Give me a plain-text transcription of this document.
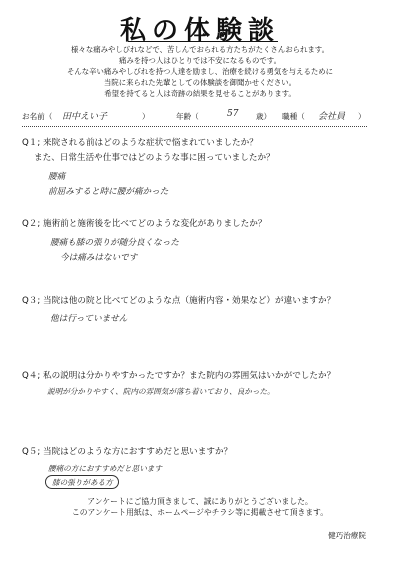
私の体験談
様々な痛みやしびれなどで、苦しんでおられる方たちがたくさんおられます。
痛みを持つ人はひとりでは不安になるものです。
そんな辛い痛みやしびれを持つ人達を励まし、治療を続ける勇気を与えるために
当院に来られた先輩としての体験談を御聞かせください。
希望を持てると人は奇跡の結果を見せることがあります。
お名前（ 田中えい子	）	年齢（	57 歳） 職種（ 会社員 ）
Q１; 来院される前はどのような症状で悩まれていましたか？
また、日常生活や仕事ではどのような事に困っていましたか？
腰痛
前屈みすると時に腰が痛かった
Q２; 施術前と施術後を比べてどのような変化がありましたか？
腰痛も膝の張りが随分良くなった
今は痛みはないです
Q３; 当院は他の院と比べてどのような点（施術内容・効果など）が違いますか？
他は行っていません
Q４; 私の説明は分かりやすかったですか？また院内の雰囲気はいかがでしたか？
説明が分かりやすく、院内の雰囲気が落ち着いており、良かった。
Q５; 当院はどのような方におすすめだと思いますか？
腰痛の方におすすめだと思います
膝の張りがある方
アンケートにご協力頂きまして、誠にありがとうございました。
このアンケート用紙は、ホームページやチラシ等に掲載させて頂きます。
健巧治療院
